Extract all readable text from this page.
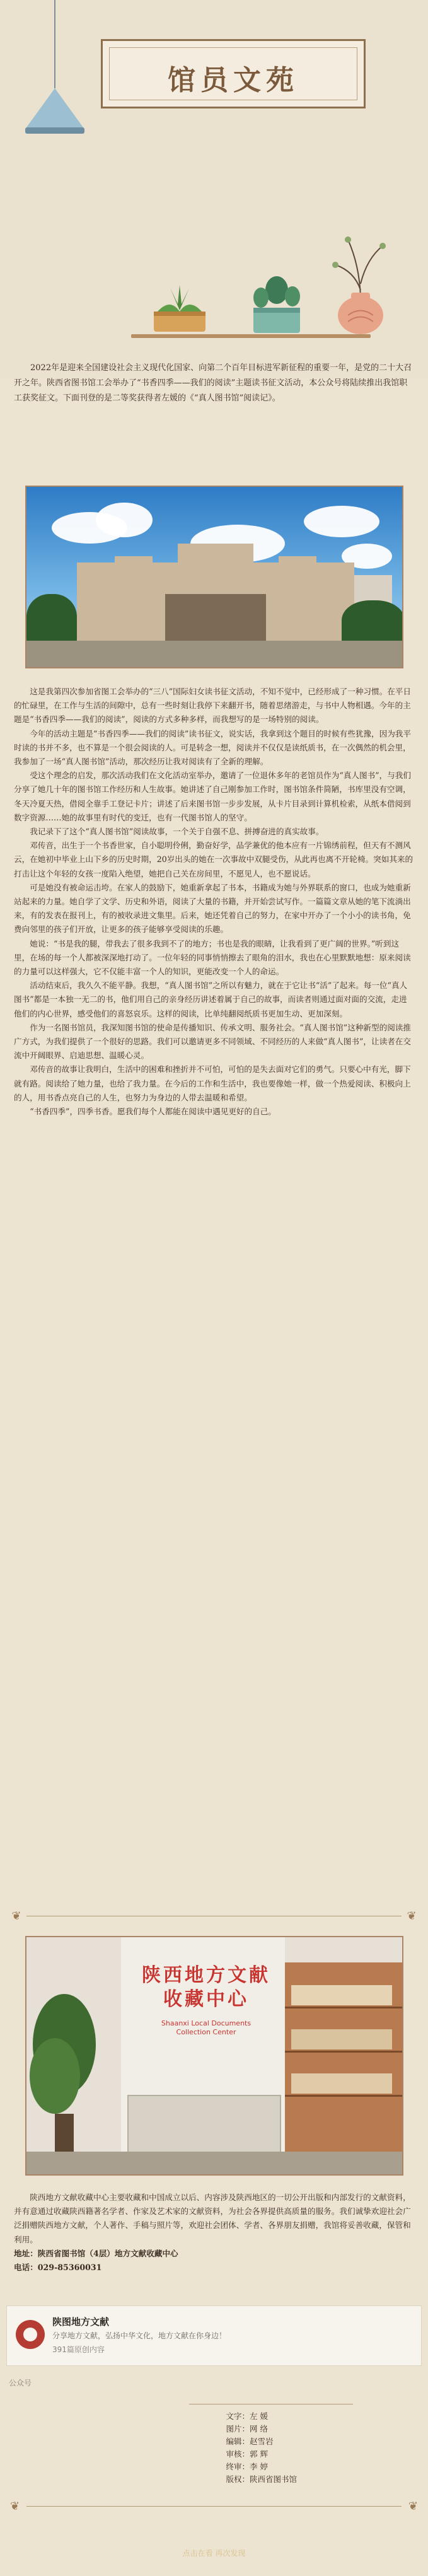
馆员文苑
2022年是迎来全国建设社会主义现代化国家、向第二个百年目标进军新征程的重要一年，是党的二十大召开之年。陕西省图书馆工会举办了“书香四季——我们的阅读”主题读书征文活动，本公众号将陆续推出我馆职工获奖征文。下面刊登的是二等奖获得者左媛的《“真人图书馆”阅读记》。

这是我第四次参加省图工会举办的“三八”国际妇女读书征文活动，不知不觉中，已经形成了一种习惯。在平日的忙碌里，在工作与生活的间隙中，总有一些时刻让我停下来翻开书，随着思绪游走，与书中人物相遇。今年的主题是“书香四季——我们的阅读”，阅读的方式多种多样，而我想写的是一场特别的阅读。

今年的活动主题是“书香四季——我们的阅读”读书征文，说实话，我拿到这个题目的时候有些犹豫，因为我平时读的书并不多，也不算是一个很会阅读的人。可是转念一想，阅读并不仅仅是读纸质书，在一次偶然的机会里，我参加了一场“真人图书馆”活动，那次经历让我对阅读有了全新的理解。

受这个理念的启发，那次活动我们在文化活动室举办，邀请了一位退休多年的老馆员作为“真人图书”，与我们分享了她几十年的图书馆工作经历和人生故事。她讲述了自己刚参加工作时，图书馆条件简陋，书库里没有空调，冬天冷夏天热，借阅全靠手工登记卡片；讲述了后来图书馆一步步发展，从卡片目录到计算机检索，从纸本借阅到数字资源……她的故事里有时代的变迁，也有一代图书馆人的坚守。

我记录下了这个“真人图书馆”阅读故事，一个关于自强不息、拼搏奋进的真实故事。

邓传音，出生于一个书香世家，自小聪明伶俐，勤奋好学，品学兼优的他本应有一片锦绣前程，但天有不测风云，在她初中毕业上山下乡的历史时期，20岁出头的她在一次事故中双腿受伤，从此再也离不开轮椅。突如其来的打击让这个年轻的女孩一度陷入绝望，她把自己关在房间里，不愿见人，也不愿说话。

可是她没有被命运击垮。在家人的鼓励下，她重新拿起了书本，书籍成为她与外界联系的窗口，也成为她重新站起来的力量。她自学了文学、历史和外语，阅读了大量的书籍，并开始尝试写作。一篇篇文章从她的笔下流淌出来，有的发表在报刊上，有的被收录进文集里。后来，她还凭着自己的努力，在家中开办了一个小小的读书角，免费向邻里的孩子们开放，让更多的孩子能够享受阅读的乐趣。

她说：“书是我的腿，带我去了很多我到不了的地方；书也是我的眼睛，让我看到了更广阔的世界。”听到这里，在场的每一个人都被深深地打动了。一位年轻的同事悄悄擦去了眼角的泪水，我也在心里默默地想：原来阅读的力量可以这样强大，它不仅能丰富一个人的知识，更能改变一个人的命运。

活动结束后，我久久不能平静。我想，“真人图书馆”之所以有魅力，就在于它让书“活”了起来。每一位“真人图书”都是一本独一无二的书，他们用自己的亲身经历讲述着属于自己的故事，而读者则通过面对面的交流，走进他们的内心世界，感受他们的喜怒哀乐。这样的阅读，比单纯翻阅纸质书更加生动、更加深刻。

作为一名图书馆员，我深知图书馆的使命是传播知识、传承文明、服务社会。“真人图书馆”这种新型的阅读推广方式，为我们提供了一个很好的思路。我们可以邀请更多不同领域、不同经历的人来做“真人图书”，让读者在交流中开阔眼界、启迪思想、温暖心灵。

邓传音的故事让我明白，生活中的困难和挫折并不可怕，可怕的是失去面对它们的勇气。只要心中有光，脚下就有路。阅读给了她力量，也给了我力量。在今后的工作和生活中，我也要像她一样，做一个热爱阅读、积极向上的人，用书香点亮自己的人生，也努力为身边的人带去温暖和希望。

“书香四季”，四季书香。愿我们每个人都能在阅读中遇见更好的自己。

❦	❦
陕西地方文献
收藏中心
Shaanxi Local Documents
Collection Center

陕西地方文献收藏中心主要收藏和中国成立以后、内容涉及陕西地区的一切公开出版和内部发行的文献资料，并有意通过收藏陕西籍著名学者、作家及艺术家的文献资料，为社会各界提供高质量的服务。我们诚挚欢迎社会广泛捐赠陕西地方文献，个人著作、手稿与照片等，欢迎社会团体、学者、各界朋友捐赠，我馆将妥善收藏，保管和利用。

地址：陕西省图书馆（4层）地方文献收藏中心

电话：029-85360031

陕图地方文献
分享地方文献，弘扬中华文化，地方文献在你身边！
391篇原创内容
公众号
文字：左 媛
图片：网 络
编辑：赵雪岩
审核：郭 辉
终审：李 婷
版权：陕西省图书馆
❦	❦
点击在看 再次发现
